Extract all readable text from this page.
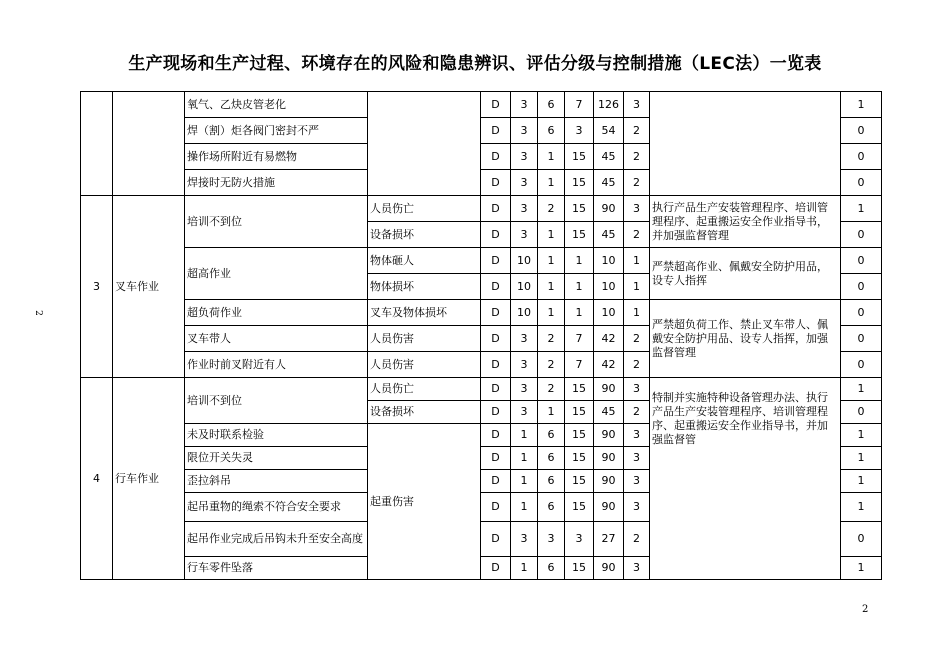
生产现场和生产过程、环境存在的风险和隐患辨识、评估分级与控制措施（LEC法）一览表
2
2
		氧气、乙炔皮管老化		D	3	6	7	126	3		1
		焊（割）炬各阀门密封不严		D	3	6	3	54	2		0
		操作场所附近有易燃物		D	3	1	15	45	2		0
		焊接时无防火措施		D	3	1	15	45	2		0
3	叉车作业	培训不到位	人员伤亡	D	3	2	15	90	3	执行产品生产安装管理程序、培训管理程序、起重搬运安全作业指导书，并加强监督管理	1
			设备损坏	D	3	1	15	45	2		0
		超高作业	物体砸人	D	10	1	1	10	1	严禁超高作业、佩戴安全防护用品，设专人指挥	0
			物体损坏	D	10	1	1	10	1		0
		超负荷作业	叉车及物体损坏	D	10	1	1	10	1	严禁超负荷工作、禁止叉车带人、佩戴安全防护用品、设专人指挥，加强监督管理	0
		叉车带人	人员伤害	D	3	2	7	42	2		0
		作业时前叉附近有人	人员伤害	D	3	2	7	42	2		0
4	行车作业	培训不到位	人员伤亡	D	3	2	15	90	3	特制并实施特种设备管理办法、执行产品生产安装管理程序、培训管理程序、起重搬运安全作业指导书，并加强监督管	1
			设备损坏	D	3	1	15	45	2		0
		未及时联系检验	起重伤害	D	1	6	15	90	3		1
		限位开关失灵		D	1	6	15	90	3		1
		歪拉斜吊		D	1	6	15	90	3		1
		起吊重物的绳索不符合安全要求		D	1	6	15	90	3		1
		起吊作业完成后吊钩未升至安全高度		D	3	3	3	27	2		0
		行车零件坠落		D	1	6	15	90	3		1
